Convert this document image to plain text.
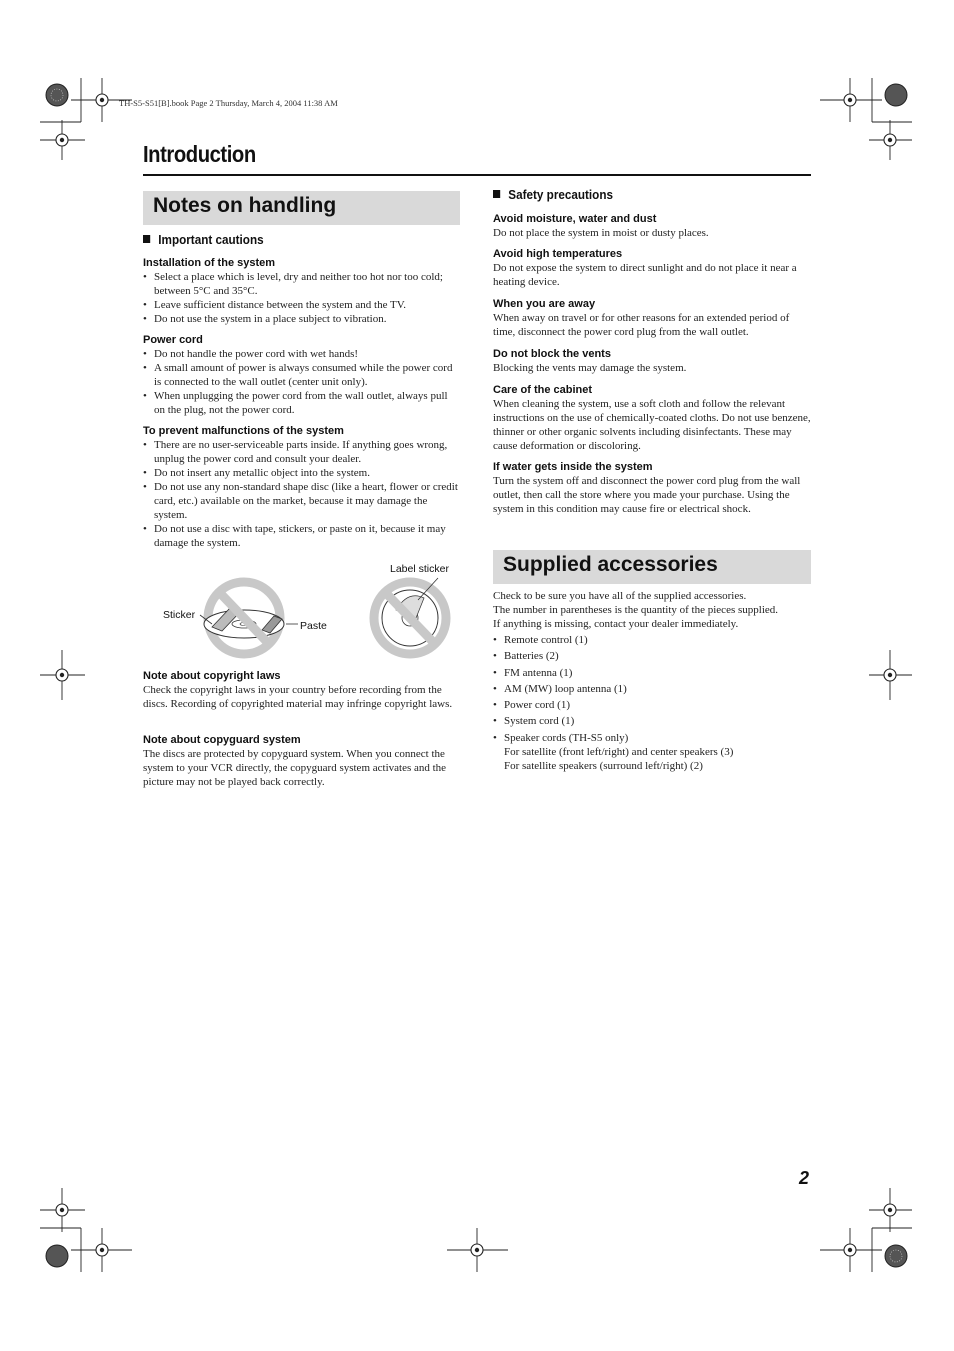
TH-S5-S51[B].book Page 2 Thursday, March 4, 2004 11:38 AM
Introduction
Notes on handling
Important cautions

Installation of the system

• Select a place which is level, dry and neither too hot nor too cold; between 5°C and 35°C.
• Leave sufficient distance between the system and the TV.
• Do not use the system in a place subject to vibration.

Power cord

• Do not handle the power cord with wet hands!
• A small amount of power is always consumed while the power cord is connected to the wall outlet (center unit only).
• When unplugging the power cord from the wall outlet, always pull on the plug, not the power cord.

To prevent malfunctions of the system

• There are no user-serviceable parts inside. If anything goes wrong, unplug the power cord and consult your dealer.
• Do not insert any metallic object into the system.
• Do not use any non-standard shape disc (like a heart, flower or credit card, etc.) available on the market, because it may damage the system.
• Do not use a disc with tape, stickers, or paste on it, because it may damage the system.
Label sticker
Sticker
Paste

Note about copyright laws

Check the copyright laws in your country before recording from the discs. Recording of copyrighted material may infringe copyright laws.

Note about copyguard system

The discs are protected by copyguard system. When you connect the system to your VCR directly, the copyguard system activates and the picture may not be played back correctly.

Safety precautions

Avoid moisture, water and dust

Do not place the system in moist or dusty places.

Avoid high temperatures

Do not expose the system to direct sunlight and do not place it near a heating device.

When you are away

When away on travel or for other reasons for an extended period of time, disconnect the power cord plug from the wall outlet.

Do not block the vents

Blocking the vents may damage the system.

Care of the cabinet

When cleaning the system, use a soft cloth and follow the relevant instructions on the use of chemically-coated cloths. Do not use benzene, thinner or other organic solvents including disinfectants. These may cause deformation or discoloring.

If water gets inside the system

Turn the system off and disconnect the power cord plug from the wall outlet, then call the store where you made your purchase. Using the system in this condition may cause fire or electrical shock.

Supplied accessories

Check to be sure you have all of the supplied accessories.

The number in parentheses is the quantity of the pieces supplied.

If anything is missing, contact your dealer immediately.

• Remote control (1)
• Batteries (2)
• FM antenna (1)
• AM (MW) loop antenna (1)
• Power cord (1)
• System cord (1)
• Speaker cords (TH-S5 only)
For satellite (front left/right) and center speakers (3)
For satellite speakers (surround left/right) (2)
2
